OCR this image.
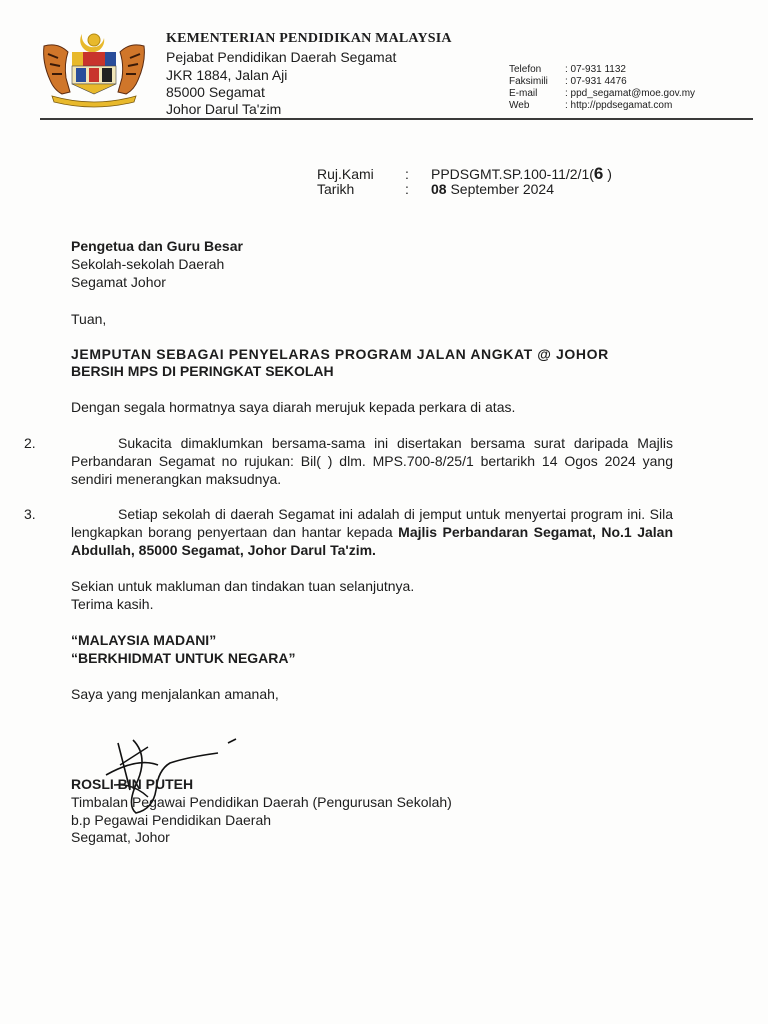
KEMENTERIAN PENDIDIKAN MALAYSIA
Pejabat Pendidikan Daerah Segamat
JKR 1884, Jalan Aji
85000 Segamat
Johor Darul Ta'zim
Telefon	: 07-931 1132
Faksimili	: 07-931 4476
E-mail	: ppd_segamat@moe.gov.my
Web	: http://ppdsegamat.com
Ruj.Kami : PPDSGMT.SP.100-11/2/1(6 )
Tarikh	: 08 September 2024
Pengetua dan Guru Besar
Sekolah-sekolah Daerah
Segamat Johor
Tuan,
JEMPUTAN SEBAGAI PENYELARAS PROGRAM JALAN ANGKAT @ JOHOR
BERSIH MPS DI PERINGKAT SEKOLAH
Dengan segala hormatnya saya diarah merujuk kepada perkara di atas.
2.	Sukacita dimaklumkan bersama-sama ini disertakan bersama surat daripada Majlis Perbandaran Segamat no rujukan: Bil( ) dlm. MPS.700-8/25/1 bertarikh 14 Ogos 2024 yang sendiri menerangkan maksudnya.
3.	Setiap sekolah di daerah Segamat ini adalah di jemput untuk menyertai program ini. Sila lengkapkan borang penyertaan dan hantar kepada Majlis Perbandaran Segamat, No.1 Jalan Abdullah, 85000 Segamat, Johor Darul Ta'zim.
Sekian untuk makluman dan tindakan tuan selanjutnya.
Terima kasih.
“MALAYSIA MADANI”
“BERKHIDMAT UNTUK NEGARA”
Saya yang menjalankan amanah,
ROSLI BIN PUTEH
Timbalan Pegawai Pendidikan Daerah (Pengurusan Sekolah)
b.p Pegawai Pendidikan Daerah
Segamat, Johor
